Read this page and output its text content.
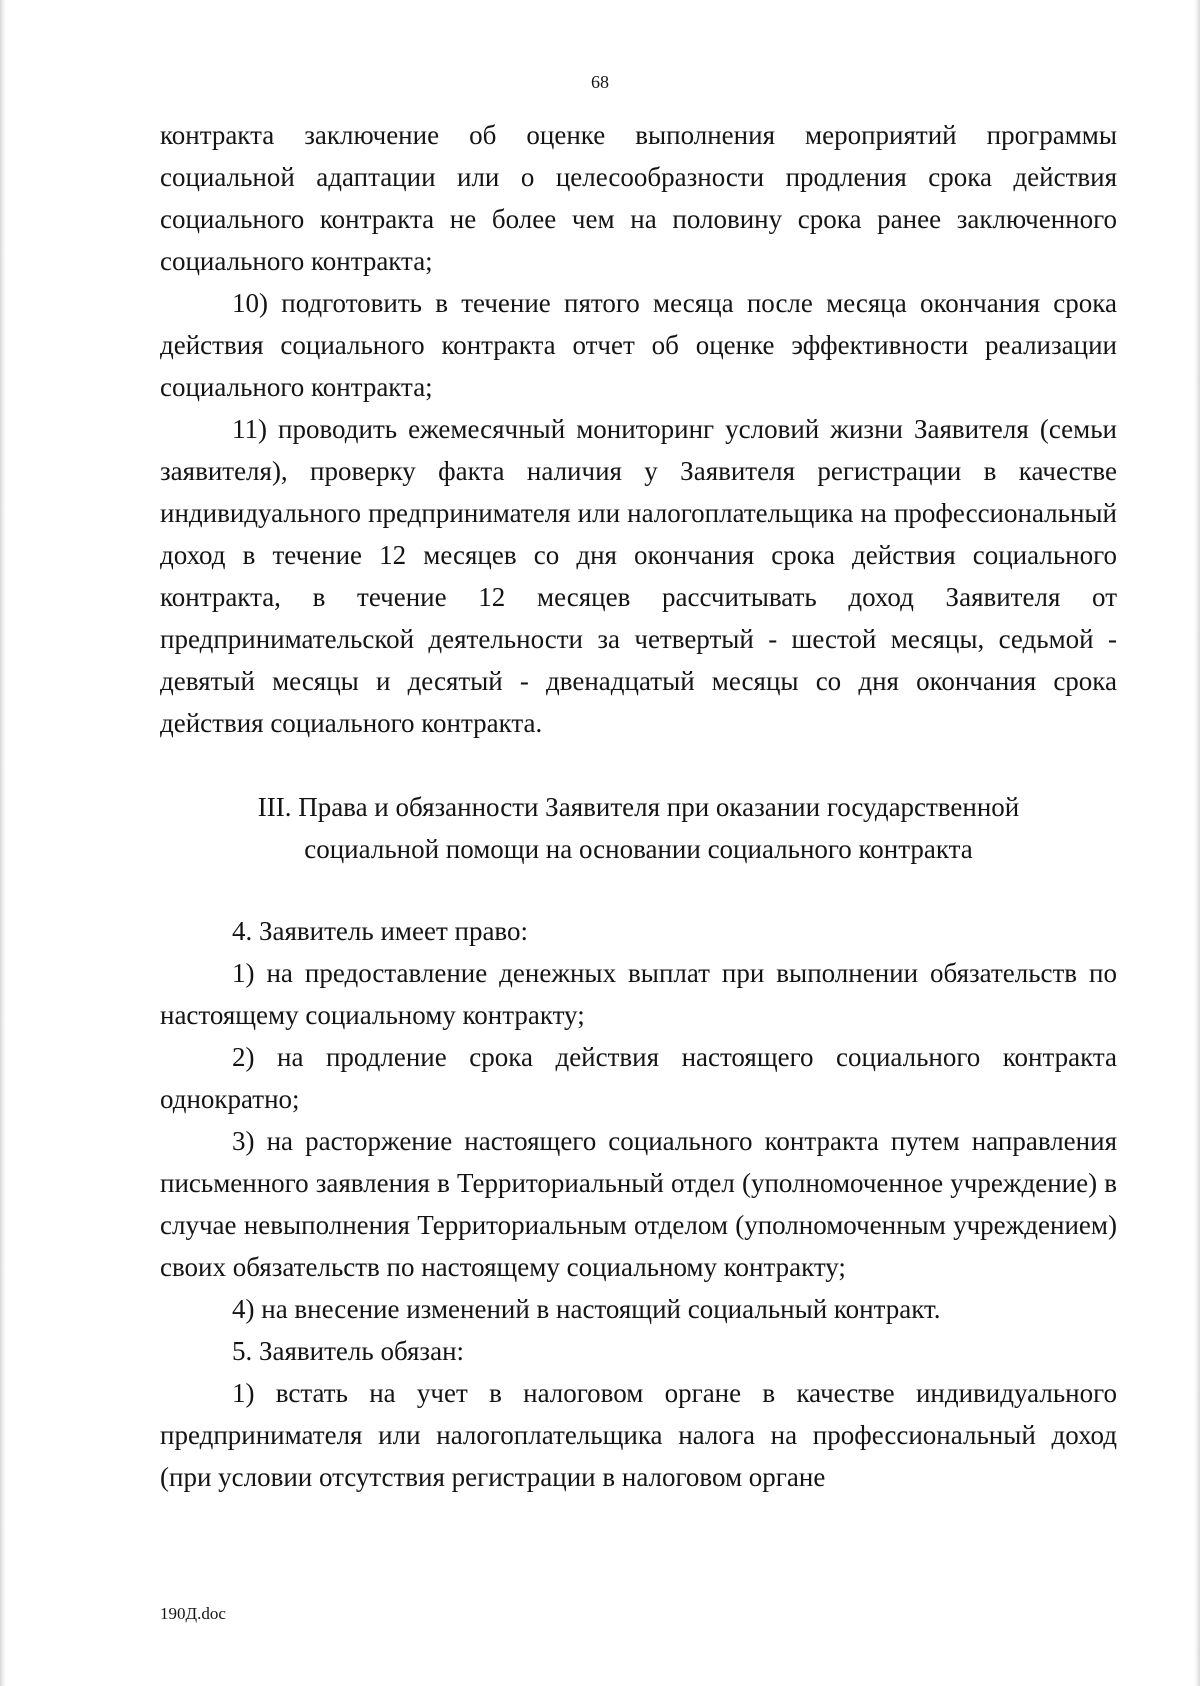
68

контракта заключение об оценке выполнения мероприятий программы социальной адаптации или о целесообразности продления срока действия социального контракта не более чем на половину срока ранее заключенного социального контракта;

10) подготовить в течение пятого месяца после месяца окончания срока действия социального контракта отчет об оценке эффективности реализации социального контракта;

11) проводить ежемесячный мониторинг условий жизни Заявителя (семьи заявителя), проверку факта наличия у Заявителя регистрации в качестве индивидуального предпринимателя или налогоплательщика на профессиональный доход в течение 12 месяцев со дня окончания срока действия социального контракта, в течение 12 месяцев рассчитывать доход Заявителя от предпринимательской деятельности за четвертый - шестой месяцы, седьмой - девятый месяцы и десятый - двенадцатый месяцы со дня окончания срока действия социального контракта.

III. Права и обязанности Заявителя при оказании государственной социальной помощи на основании социального контракта

4. Заявитель имеет право:

1) на предоставление денежных выплат при выполнении обязательств по настоящему социальному контракту;

2) на продление срока действия настоящего социального контракта однократно;

3) на расторжение настоящего социального контракта путем направления письменного заявления в Территориальный отдел (уполномоченное учреждение) в случае невыполнения Территориальным отделом (уполномоченным учреждением) своих обязательств по настоящему социальному контракту;

4) на внесение изменений в настоящий социальный контракт.

5. Заявитель обязан:

1) встать на учет в налоговом органе в качестве индивидуального предпринимателя или налогоплательщика налога на профессиональный доход (при условии отсутствия регистрации в налоговом органе

190Д.doc
